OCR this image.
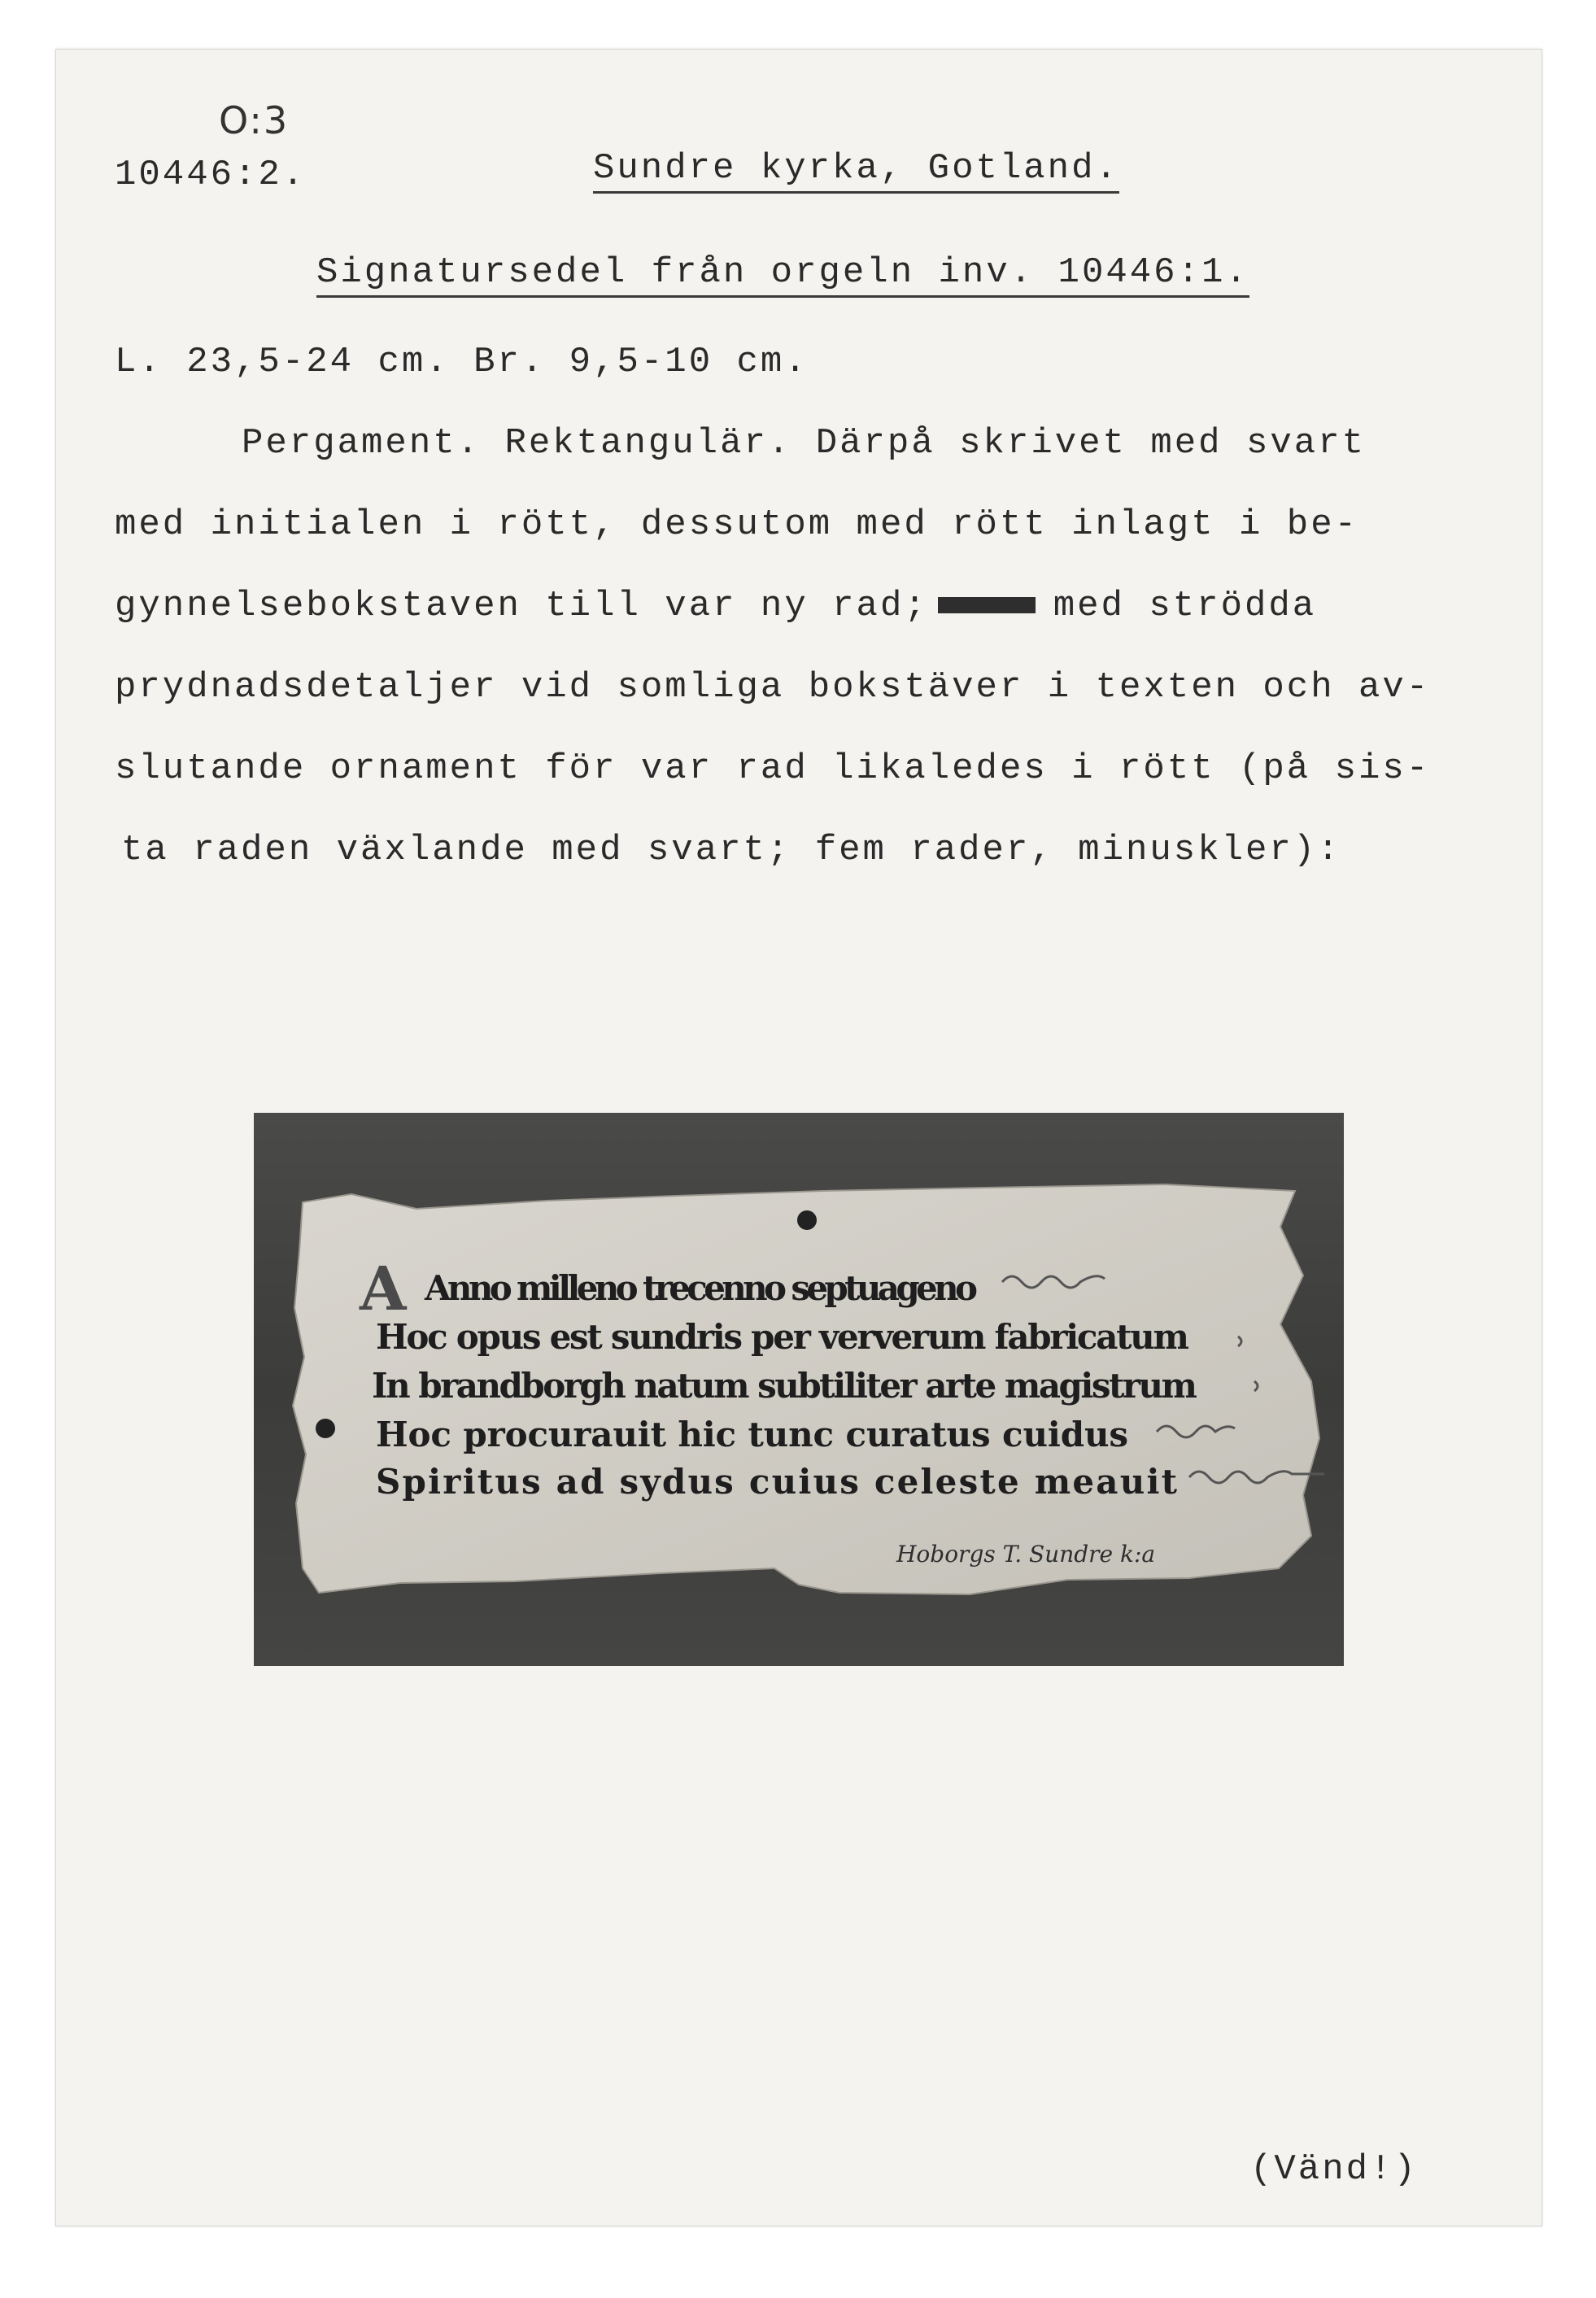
O:3
10446:2.	Sundre kyrka, Gotland.
Signatursedel från orgeln inv. 10446:1.
L. 23,5-24 cm. Br. 9,5-10 cm.
Pergament. Rektangulär. Därpå skrivet med svart
med initialen i rött, dessutom med rött inlagt i be-
gynnelsebokstaven till var ny rad;	med strödda
prydnadsdetaljer vid somliga bokstäver i texten och av-
slutande ornament för var rad likaledes i rött (på sis-
ta raden växlande med svart; fem rader, minuskler):
(Vänd!)
A Anno milleno trecenno septuageno
Hoc opus est sundris per ververum fabricatum
In brandborgh natum subtiliter arte magistrum
Hoc procurauit hic tunc curatus cuidus
Spiritus ad sydus cuius celeste meauit
Hoborgs T. Sundre k:a
